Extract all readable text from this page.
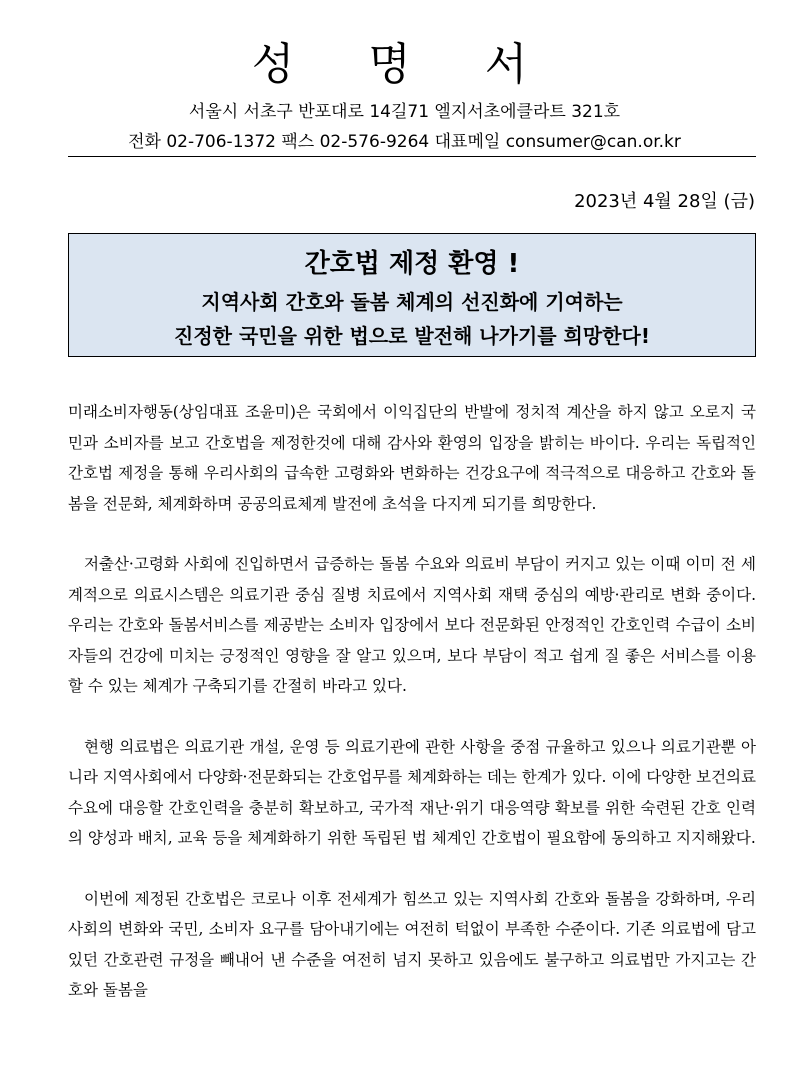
성 명 서
서울시 서초구 반포대로 14길71 엘지서초에클라트 321호
전화 02-706-1372 팩스 02-576-9264 대표메일 consumer@can.or.kr
2023년 4월 28일 (금)
간호법 제정 환영 !
지역사회 간호와 돌봄 체계의 선진화에 기여하는
진정한 국민을 위한 법으로 발전해 나가기를 희망한다!

미래소비자행동(상임대표 조윤미)은 국회에서 이익집단의 반발에 정치적 계산을 하지 않고 오로지 국민과 소비자를 보고 간호법을 제정한것에 대해 감사와 환영의 입장을 밝히는 바이다. 우리는 독립적인 간호법 제정을 통해 우리사회의 급속한 고령화와 변화하는 건강요구에 적극적으로 대응하고 간호와 돌봄을 전문화, 체계화하며 공공의료체계 발전에 초석을 다지게 되기를 희망한다.

저출산·고령화 사회에 진입하면서 급증하는 돌봄 수요와 의료비 부담이 커지고 있는 이때 이미 전 세계적으로 의료시스템은 의료기관 중심 질병 치료에서 지역사회 재택 중심의 예방·관리로 변화 중이다. 우리는 간호와 돌봄서비스를 제공받는 소비자 입장에서 보다 전문화된 안정적인 간호인력 수급이 소비자들의 건강에 미치는 긍정적인 영향을 잘 알고 있으며, 보다 부담이 적고 쉽게 질 좋은 서비스를 이용할 수 있는 체계가 구축되기를 간절히 바라고 있다.

현행 의료법은 의료기관 개설, 운영 등 의료기관에 관한 사항을 중점 규율하고 있으나 의료기관뿐 아니라 지역사회에서 다양화·전문화되는 간호업무를 체계화하는 데는 한계가 있다. 이에 다양한 보건의료 수요에 대응할 간호인력을 충분히 확보하고, 국가적 재난·위기 대응역량 확보를 위한 숙련된 간호 인력의 양성과 배치, 교육 등을 체계화하기 위한 독립된 법 체계인 간호법이 필요함에 동의하고 지지해왔다.

이번에 제정된 간호법은 코로나 이후 전세계가 힘쓰고 있는 지역사회 간호와 돌봄을 강화하며, 우리사회의 변화와 국민, 소비자 요구를 담아내기에는 여전히 턱없이 부족한 수준이다. 기존 의료법에 담고 있던 간호관련 규정을 빼내어 낸 수준을 여전히 넘지 못하고 있음에도 불구하고 의료법만 가지고는 간호와 돌봄을
